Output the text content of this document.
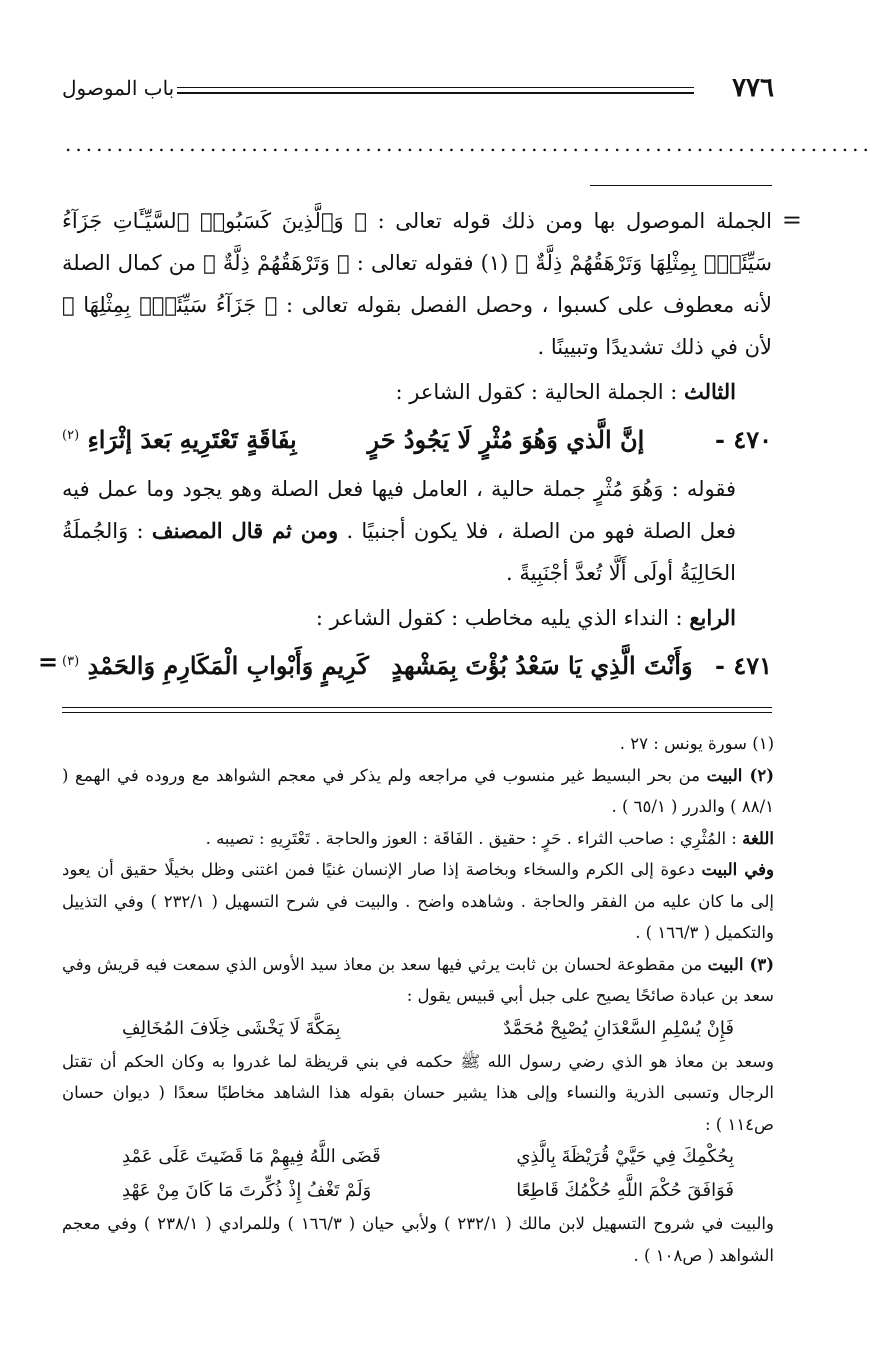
٧٧٦
باب الموصول
..............................................................................
=

الجملة الموصول بها ومن ذلك قوله تعالى : ﴿ وَٱلَّذِينَ كَسَبُوا۟ ٱلسَّيِّـَٔاتِ جَزَآءُ سَيِّئَةٍۭ بِمِثْلِهَا وَتَرْهَقُهُمْ ذِلَّةٌ ﴾ (١) فقوله تعالى : ﴿ وَتَرْهَقُهُمْ ذِلَّةٌ ﴾ من كمال الصلة لأنه معطوف على كسبوا ، وحصل الفصل بقوله تعالى : ﴿ جَزَآءُ سَيِّئَةٍۭ بِمِثْلِهَا ﴾ لأن في ذلك تشديدًا وتبيينًا .

الثالث : الجملة الحالية : كقول الشاعر :

٤٧٠ -
إنَّ الَّذي وَهُوَ مُثْرٍ لَا يَجُودُ حَرٍ
بِفَاقَةٍ تَعْتَرِيهِ بَعدَ إثْرَاءِ $^{(٢)}$

فقوله : وَهُوَ مُثْرٍ جملة حالية ، العامل فيها فعل الصلة وهو يجود وما عمل فيه فعل الصلة فهو من الصلة ، فلا يكون أجنبيًا . ومن ثم قال المصنف : وَالجُملَةُ الحَالِيَةُ أولَى أَلَّا تُعدَّ أجْنَبِيةً .

الرابع : النداء الذي يليه مخاطب : كقول الشاعر :

٤٧١ -
وَأَنْتَ الَّذِي يَا سَعْدُ بُؤْتَ بِمَشْهدٍ
كَرِيمٍ وَأَبْوابِ الْمَكَارِمِ وَالحَمْدِ $^{(٣)}$
=

(١) سورة يونس : ٢٧ .

(٢) البيت من بحر البسيط غير منسوب في مراجعه ولم يذكر في معجم الشواهد مع وروده في الهمع ( ٨٨/١ ) والدرر ( ٦٥/١ ) .

اللغة : المُثْرِي : صاحب الثراء . حَرٍ : حقيق . الفَاقَة : العوز والحاجة . تَعْتَرِيهِ : تصيبه .

وفي البيت دعوة إلى الكرم والسخاء وبخاصة إذا صار الإنسان غنيًا فمن اغتنى وظل بخيلًا حقيق أن يعود إلى ما كان عليه من الفقر والحاجة . وشاهده واضح . والبيت في شرح التسهيل ( ٢٣٢/١ ) وفي التذييل والتكميل ( ١٦٦/٣ ) .

(٣) البيت من مقطوعة لحسان بن ثابت يرثي فيها سعد بن معاذ سيد الأوس الذي سمعت فيه قريش وفي سعد بن عبادة صائحًا يصيح على جبل أبي قبيس يقول :

فَإِنْ يُسْلِمِ السَّعْدَانِ يُصْبِحْ مُحَمَّدٌ
بِمَكَّةَ لَا يَخْشَى خِلَافَ المُخَالِفِ

وسعد بن معاذ هو الذي رضي رسول الله ﷺ حكمه في بني قريظة لما غدروا به وكان الحكم أن تقتل الرجال وتسبى الذرية والنساء وإلى هذا يشير حسان بقوله هذا الشاهد مخاطبًا سعدًا ( ديوان حسان ص١١٤ ) :

بِحُكْمِكَ فِي حَيَّيْ قُرَيْظَةَ بِالَّذِي
قَضَى اللَّهُ فِيهِمْ مَا قَضَيتَ عَلَى عَمْدِ
فَوَافَقَ حُكْمَ اللَّهِ حُكْمُكَ قَاطِعًا
وَلَمْ تَغْفُ إِذْ ذُكِّرتَ مَا كَانَ مِنْ عَهْدِ

والبيت في شروح التسهيل لابن مالك ( ٢٣٢/١ ) ولأبي حيان ( ١٦٦/٣ ) وللمرادي ( ٢٣٨/١ ) وفي معجم الشواهد ( ص١٠٨ ) .
